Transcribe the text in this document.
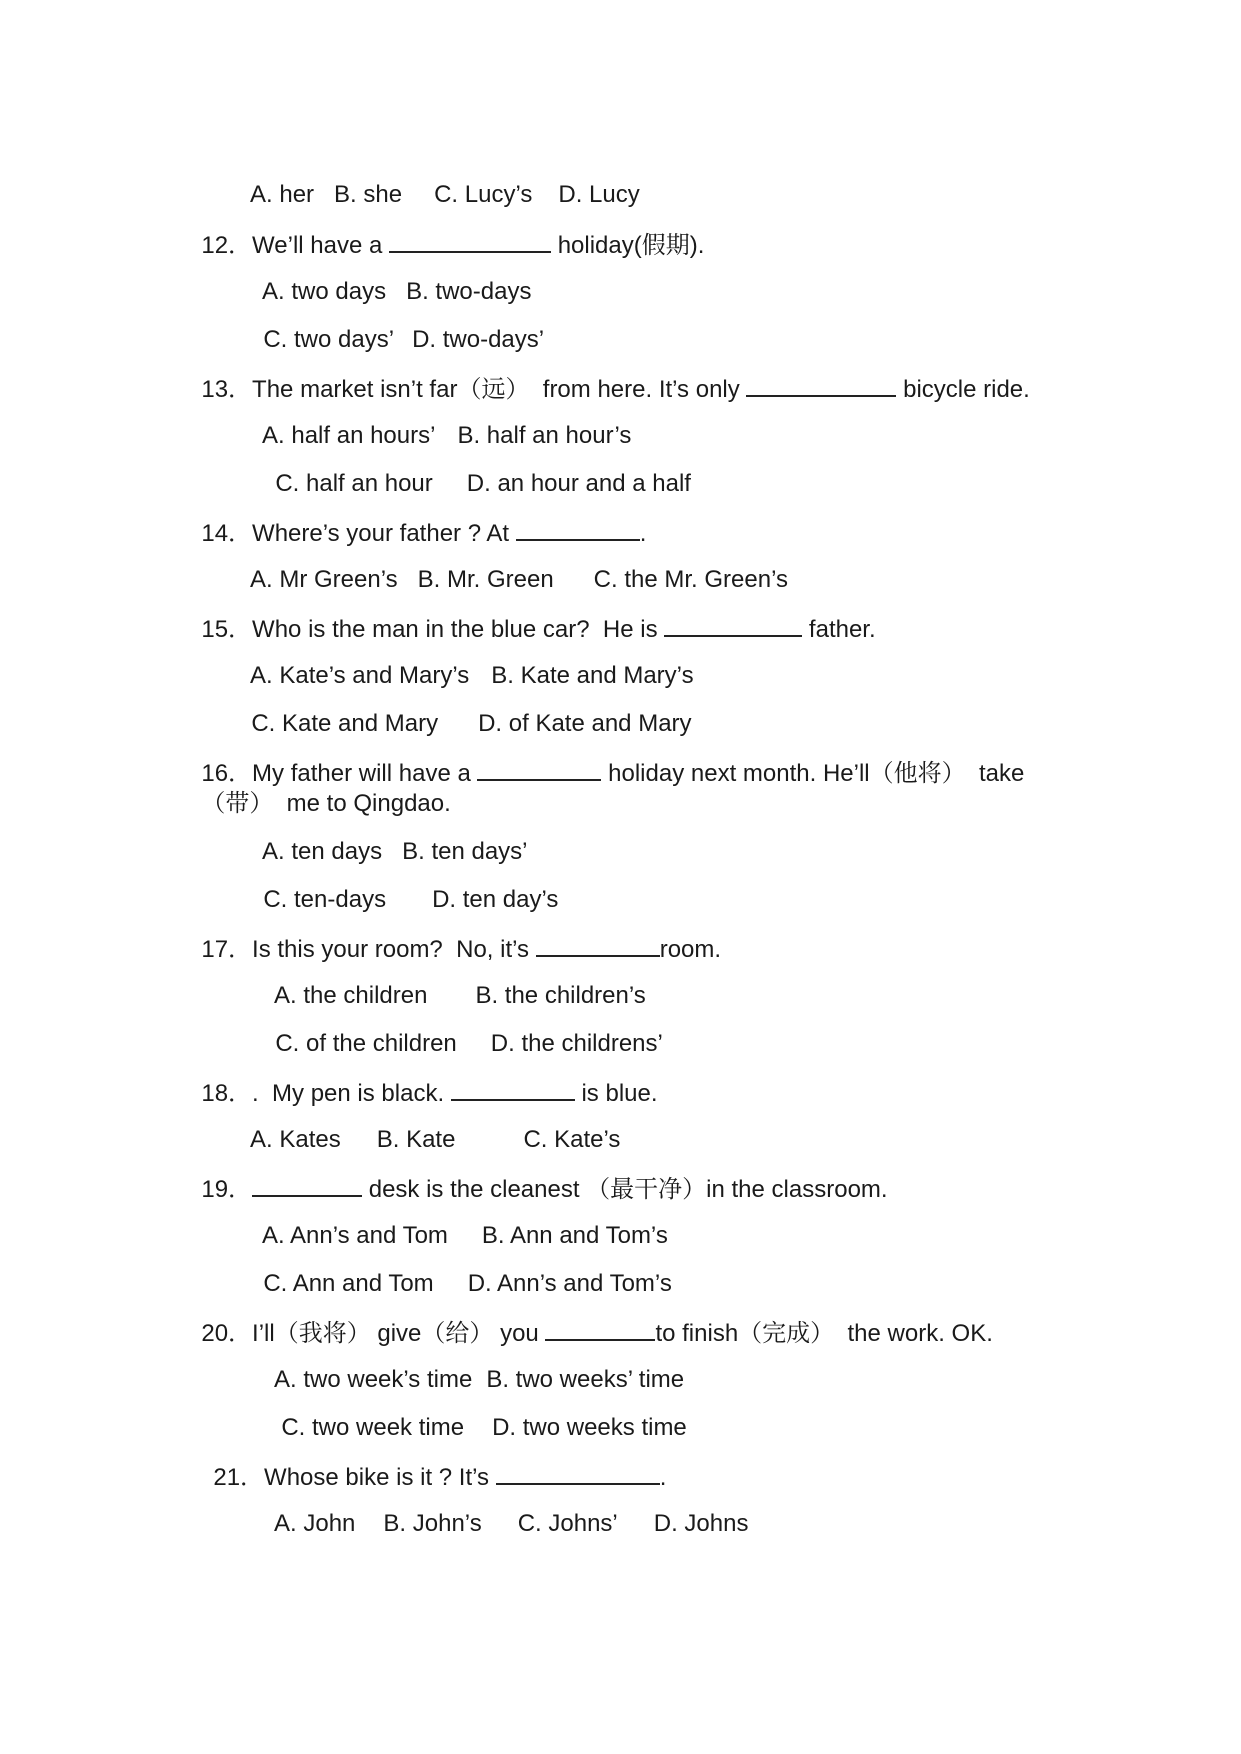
A. her B. she C. Lucy’s D. Lucy

12．We’ll have a	holiday(假期).

A. two days B. two-days

C. two days’ D. two-days’

13．The market isn’t far（远）  from here. It’s only	bicycle ride.

A. half an hours’ B. half an hour’s

C. half an hour D. an hour and a half

14．Where’s your father ? At	.

A. Mr Green’s B. Mr. Green C. the Mr. Green’s

15．Who is the man in the blue car?  He is	father.

A. Kate’s and Mary’s B. Kate and Mary’s

C. Kate and Mary D. of Kate and Mary

16．My father will have a	holiday next month. He’ll（他将）  take

（带）  me to Qingdao.

A. ten days B. ten days’

C. ten-days D. ten day’s

17．Is this your room?  No, it’s	room.

A. the children B. the children’s

C. of the children D. the childrens’

18．.  My pen is black.	is blue.

A. Kates B. Kate	C. Kate’s

19．	desk is the cleanest （最干净）in the classroom.

A. Ann’s and Tom B. Ann and Tom’s

C. Ann and Tom D. Ann’s and Tom’s

20．I’ll（我将） give（给） you	to finish（完成）  the work. OK.

A. two week’s time B. two weeks’ time

C. two week time D. two weeks time

21．Whose bike is it ? It’s	.

A. John B. John’s C. Johns’ D. Johns
